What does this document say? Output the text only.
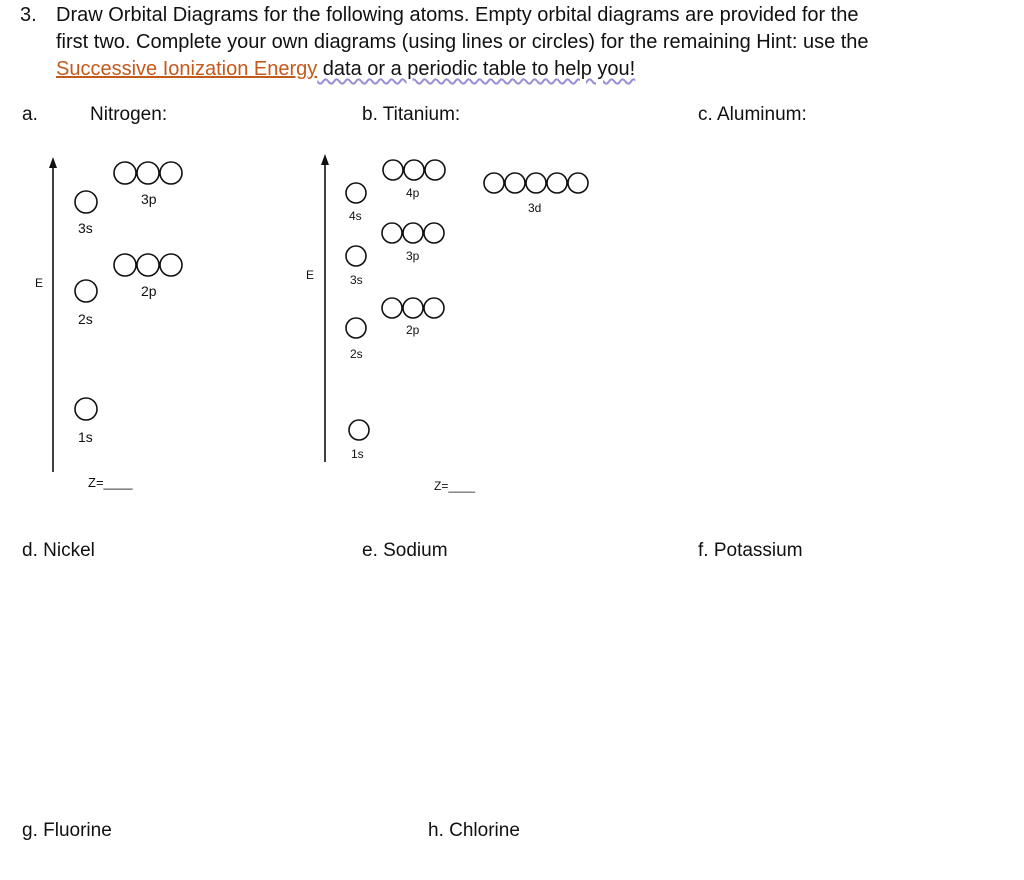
3. Draw Orbital Diagrams for the following atoms. Empty orbital diagrams are provided for the
first two. Complete your own diagrams (using lines or circles) for the remaining Hint: use the
Successive Ionization Energy data or a periodic table to help you!
a.	Nitrogen:	b. Titanium:	c. Aluminum:
d. Nickel	e. Sodium	f. Potassium
g. Fluorine	h. Chlorine
E
1s
2s
2p
3s
3p
Z=____
E
1s
2s
2p
3s
3p
4s
4p
3d
Z=____
